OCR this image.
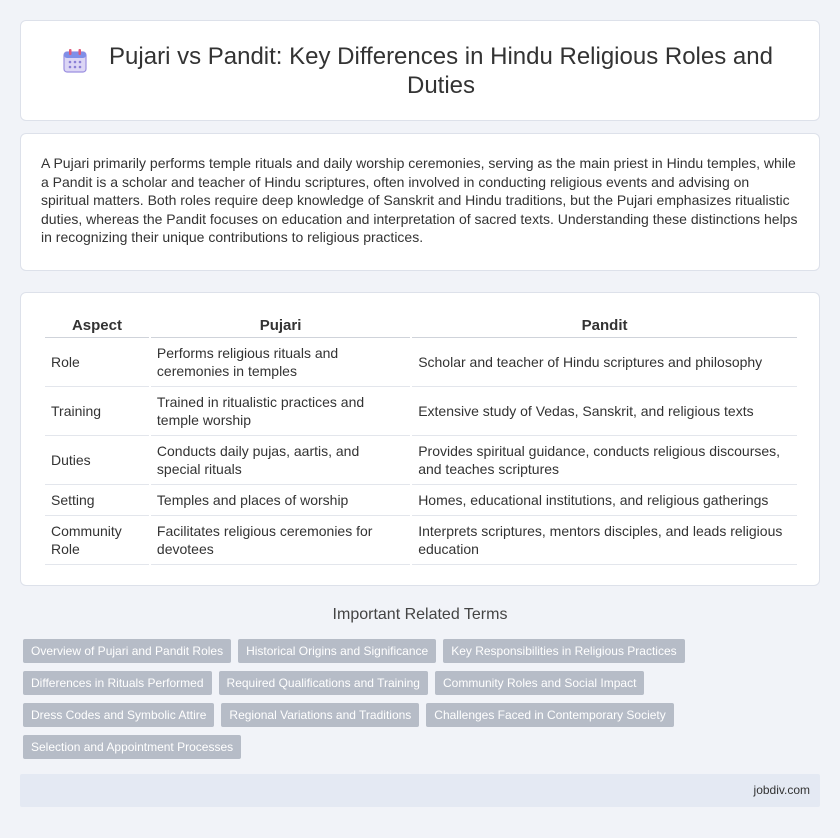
Pujari vs Pandit: Key Differences in Hindu Religious Roles and Duties

A Pujari primarily performs temple rituals and daily worship ceremonies, serving as the main priest in Hindu temples, while a Pandit is a scholar and teacher of Hindu scriptures, often involved in conducting religious events and advising on spiritual matters. Both roles require deep knowledge of Sanskrit and Hindu traditions, but the Pujari emphasizes ritualistic duties, whereas the Pandit focuses on education and interpretation of sacred texts. Understanding these distinctions helps in recognizing their unique contributions to religious practices.

Aspect	Pujari	Pandit
Role	Performs religious rituals and ceremonies in temples	Scholar and teacher of Hindu scriptures and philosophy
Training	Trained in ritualistic practices and temple worship	Extensive study of Vedas, Sanskrit, and religious texts
Duties	Conducts daily pujas, aartis, and special rituals	Provides spiritual guidance, conducts religious discourses, and teaches scriptures
Setting	Temples and places of worship	Homes, educational institutions, and religious gatherings
Community Role	Facilitates religious ceremonies for devotees	Interprets scriptures, mentors disciples, and leads religious education
Important Related Terms
Overview of Pujari and Pandit Roles	Historical Origins and Significance	Key Responsibilities in Religious Practices
Differences in Rituals Performed	Required Qualifications and Training	Community Roles and Social Impact
Dress Codes and Symbolic Attire	Regional Variations and Traditions	Challenges Faced in Contemporary Society
Selection and Appointment Processes
jobdiv.com
